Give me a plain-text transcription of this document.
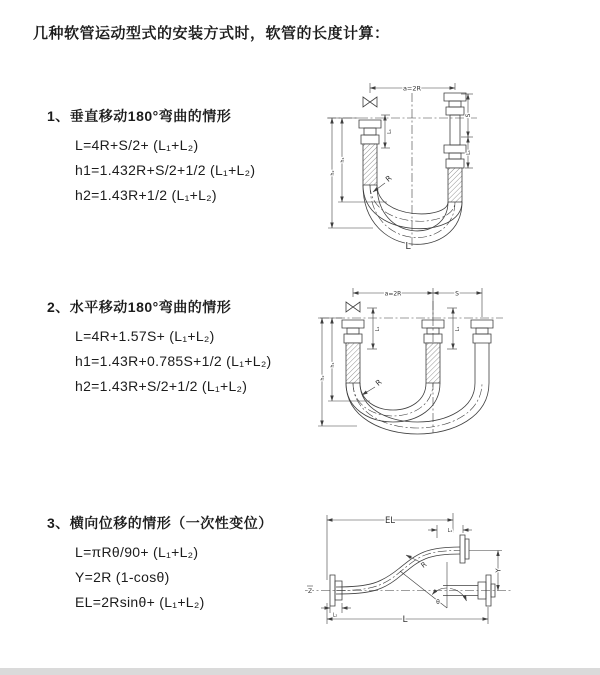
几种软管运动型式的安装方式时，软管的长度计算：
1、垂直移动180°弯曲的情形
L=4R+S/2+ (L₁+L₂)
h1=1.432R+S/2+1/2 (L₁+L₂)
h2=1.43R+1/2 (L₁+L₂)
2、水平移动180°弯曲的情形
L=4R+1.57S+ (L₁+L₂)
h1=1.43R+0.785S+1/2 (L₁+L₂)
h2=1.43R+S/2+1/2 (L₁+L₂)
3、横向位移的情形（一次性变位）
L=πRθ/90+ (L₁+L₂)
Y=2R (1-cosθ)
EL=2Rsinθ+ (L₁+L₂)
a=2R
S
L₁
L₁
h₂
h₁
R
L
a=2R	S
L₁	L₁
h₂
h₁
R
EL
L₁
Z
θ
R
Y
L₂	L
